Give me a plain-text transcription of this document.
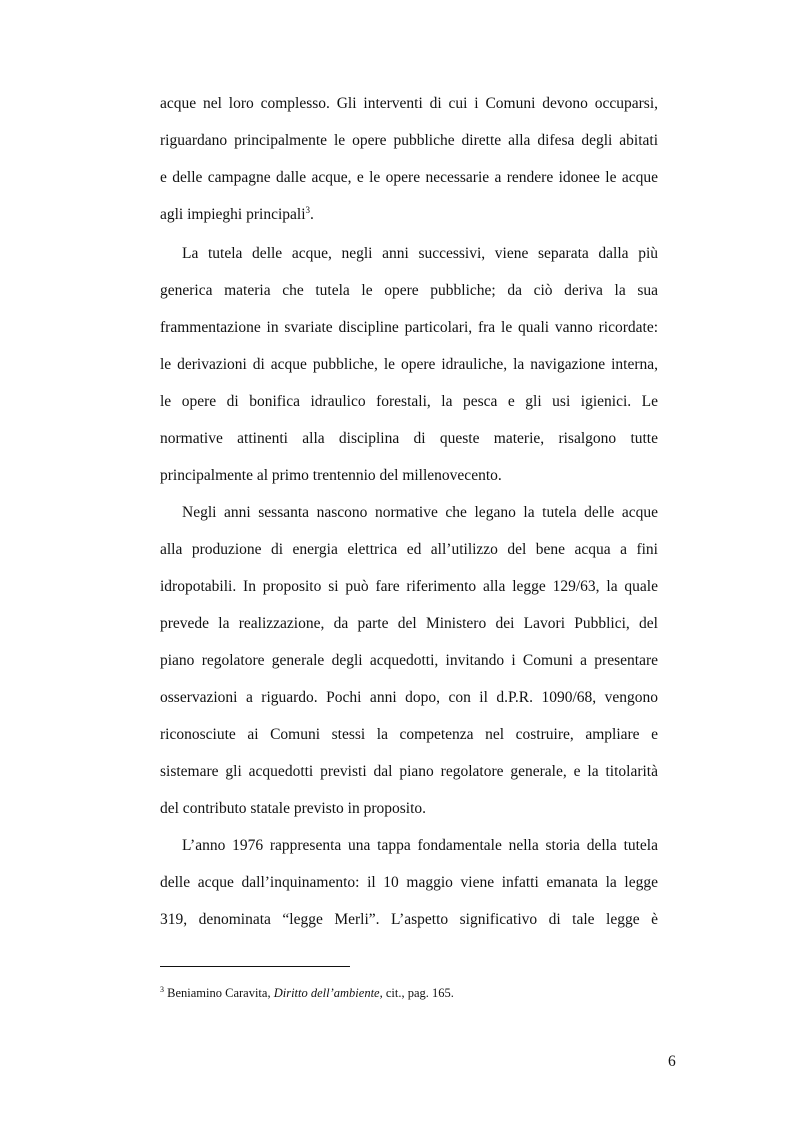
acque nel loro complesso. Gli interventi di cui i Comuni devono occuparsi,
riguardano principalmente le opere pubbliche dirette alla difesa degli abitati
e delle campagne dalle acque, e le opere necessarie a rendere idonee le acque
agli impieghi principali$^3$.
La tutela delle acque, negli anni successivi, viene separata dalla più
generica materia che tutela le opere pubbliche; da ciò deriva la sua
frammentazione in svariate discipline particolari, fra le quali vanno ricordate:
le derivazioni di acque pubbliche, le opere idrauliche, la navigazione interna,
le opere di bonifica idraulico forestali, la pesca e gli usi igienici. Le
normative attinenti alla disciplina di queste materie, risalgono tutte
principalmente al primo trentennio del millenovecento.
Negli anni sessanta nascono normative che legano la tutela delle acque
alla produzione di energia elettrica ed all’utilizzo del bene acqua a fini
idropotabili. In proposito si può fare riferimento alla legge 129/63, la quale
prevede la realizzazione, da parte del Ministero dei Lavori Pubblici, del
piano regolatore generale degli acquedotti, invitando i Comuni a presentare
osservazioni a riguardo. Pochi anni dopo, con il d.P.R. 1090/68, vengono
riconosciute ai Comuni stessi la competenza nel costruire, ampliare e
sistemare gli acquedotti previsti dal piano regolatore generale, e la titolarità
del contributo statale previsto in proposito.
L’anno 1976 rappresenta una tappa fondamentale nella storia della tutela
delle acque dall’inquinamento: il 10 maggio viene infatti emanata la legge
319, denominata “legge Merli”. L’aspetto significativo di tale legge è
$^3$ Beniamino Caravita, Diritto dell’ambiente, cit., pag. 165.
6
